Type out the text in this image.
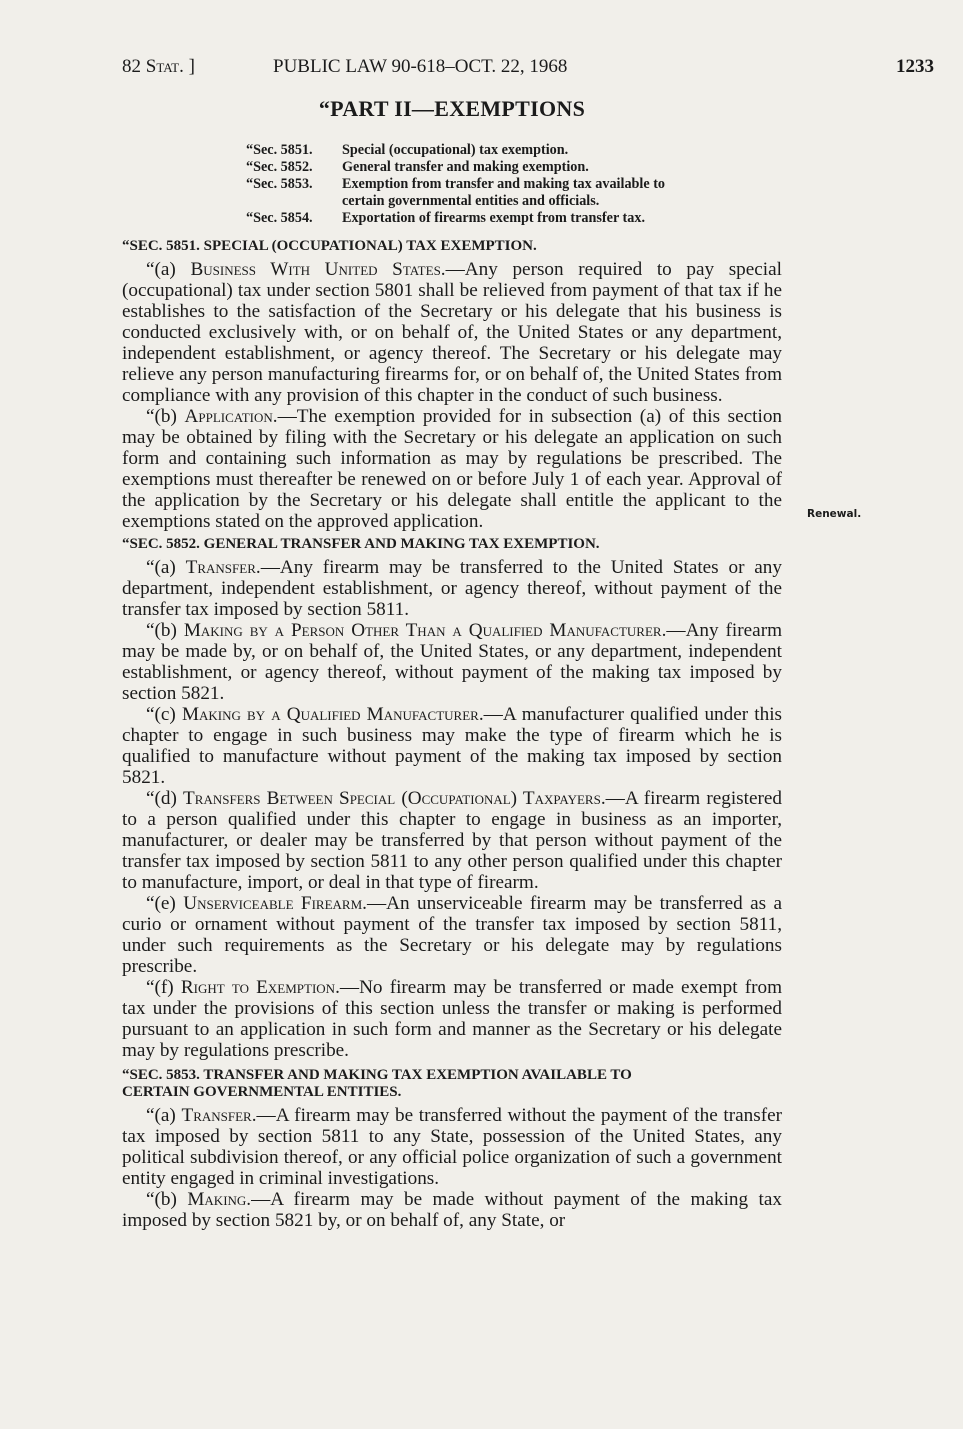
82 Stat. ]	PUBLIC LAW 90-618–OCT. 22, 1968	1233
“PART II—EXEMPTIONS
“Sec. 5851.	Special (occupational) tax exemption.
“Sec. 5852.	General transfer and making exemption.
“Sec. 5853.	Exemption from transfer and making tax available to
certain governmental entities and officials.
“Sec. 5854.	Exportation of firearms exempt from transfer tax.
Renewal.
“SEC. 5851. SPECIAL (OCCUPATIONAL) TAX EXEMPTION.

“(a) Business With United States.—Any person required to pay special (occupational) tax under section 5801 shall be relieved from payment of that tax if he establishes to the satisfaction of the Secretary or his delegate that his business is conducted exclusively with, or on behalf of, the United States or any department, independent establishment, or agency thereof. The Secretary or his delegate may relieve any person manufacturing firearms for, or on behalf of, the United States from compliance with any provision of this chapter in the conduct of such business.

“(b) Application.—The exemption provided for in subsection (a) of this section may be obtained by filing with the Secretary or his delegate an application on such form and containing such information as may by regulations be prescribed. The exemptions must thereafter be renewed on or before July 1 of each year. Approval of the application by the Secretary or his delegate shall entitle the applicant to the exemptions stated on the approved application.

“SEC. 5852. GENERAL TRANSFER AND MAKING TAX EXEMPTION.

“(a) Transfer.—Any firearm may be transferred to the United States or any department, independent establishment, or agency thereof, without payment of the transfer tax imposed by section 5811.

“(b) Making by a Person Other Than a Qualified Manufacturer.—Any firearm may be made by, or on behalf of, the United States, or any department, independent establishment, or agency thereof, without payment of the making tax imposed by section 5821.

“(c) Making by a Qualified Manufacturer.—A manufacturer qualified under this chapter to engage in such business may make the type of firearm which he is qualified to manufacture without payment of the making tax imposed by section 5821.

“(d) Transfers Between Special (Occupational) Taxpayers.—A firearm registered to a person qualified under this chapter to engage in business as an importer, manufacturer, or dealer may be transferred by that person without payment of the transfer tax imposed by section 5811 to any other person qualified under this chapter to manufacture, import, or deal in that type of firearm.

“(e) Unserviceable Firearm.—An unserviceable firearm may be transferred as a curio or ornament without payment of the transfer tax imposed by section 5811, under such requirements as the Secretary or his delegate may by regulations prescribe.

“(f) Right to Exemption.—No firearm may be transferred or made exempt from tax under the provisions of this section unless the transfer or making is performed pursuant to an application in such form and manner as the Secretary or his delegate may by regulations prescribe.

“SEC. 5853. TRANSFER AND MAKING TAX EXEMPTION AVAILABLE TO
CERTAIN GOVERNMENTAL ENTITIES.

“(a) Transfer.—A firearm may be transferred without the payment of the transfer tax imposed by section 5811 to any State, possession of the United States, any political subdivision thereof, or any official police organization of such a government entity engaged in criminal investigations.

“(b) Making.—A firearm may be made without payment of the making tax imposed by section 5821 by, or on behalf of, any State, or
